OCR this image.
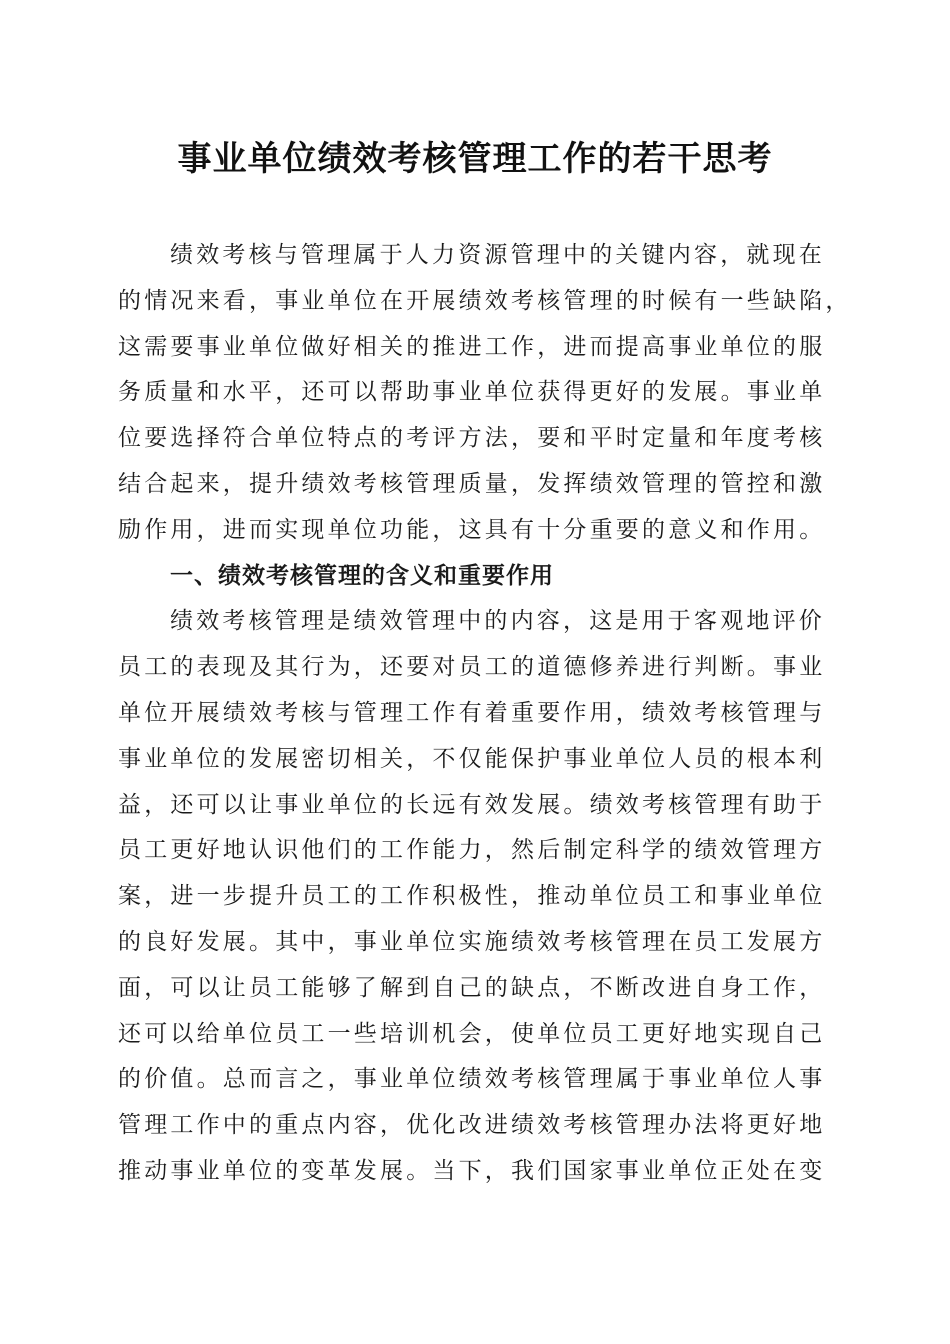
事业单位绩效考核管理工作的若干思考
绩效考核与管理属于人力资源管理中的关键内容，就现在
的情况来看，事业单位在开展绩效考核管理的时候有一些缺陷，
这需要事业单位做好相关的推进工作，进而提高事业单位的服
务质量和水平，还可以帮助事业单位获得更好的发展。事业单
位要选择符合单位特点的考评方法，要和平时定量和年度考核
结合起来，提升绩效考核管理质量，发挥绩效管理的管控和激
励作用，进而实现单位功能，这具有十分重要的意义和作用。
一、绩效考核管理的含义和重要作用
绩效考核管理是绩效管理中的内容，这是用于客观地评价
员工的表现及其行为，还要对员工的道德修养进行判断。事业
单位开展绩效考核与管理工作有着重要作用，绩效考核管理与
事业单位的发展密切相关，不仅能保护事业单位人员的根本利
益，还可以让事业单位的长远有效发展。绩效考核管理有助于
员工更好地认识他们的工作能力，然后制定科学的绩效管理方
案，进一步提升员工的工作积极性，推动单位员工和事业单位
的良好发展。其中，事业单位实施绩效考核管理在员工发展方
面，可以让员工能够了解到自己的缺点，不断改进自身工作，
还可以给单位员工一些培训机会，使单位员工更好地实现自己
的价值。总而言之，事业单位绩效考核管理属于事业单位人事
管理工作中的重点内容，优化改进绩效考核管理办法将更好地
推动事业单位的变革发展。当下，我们国家事业单位正处在变
